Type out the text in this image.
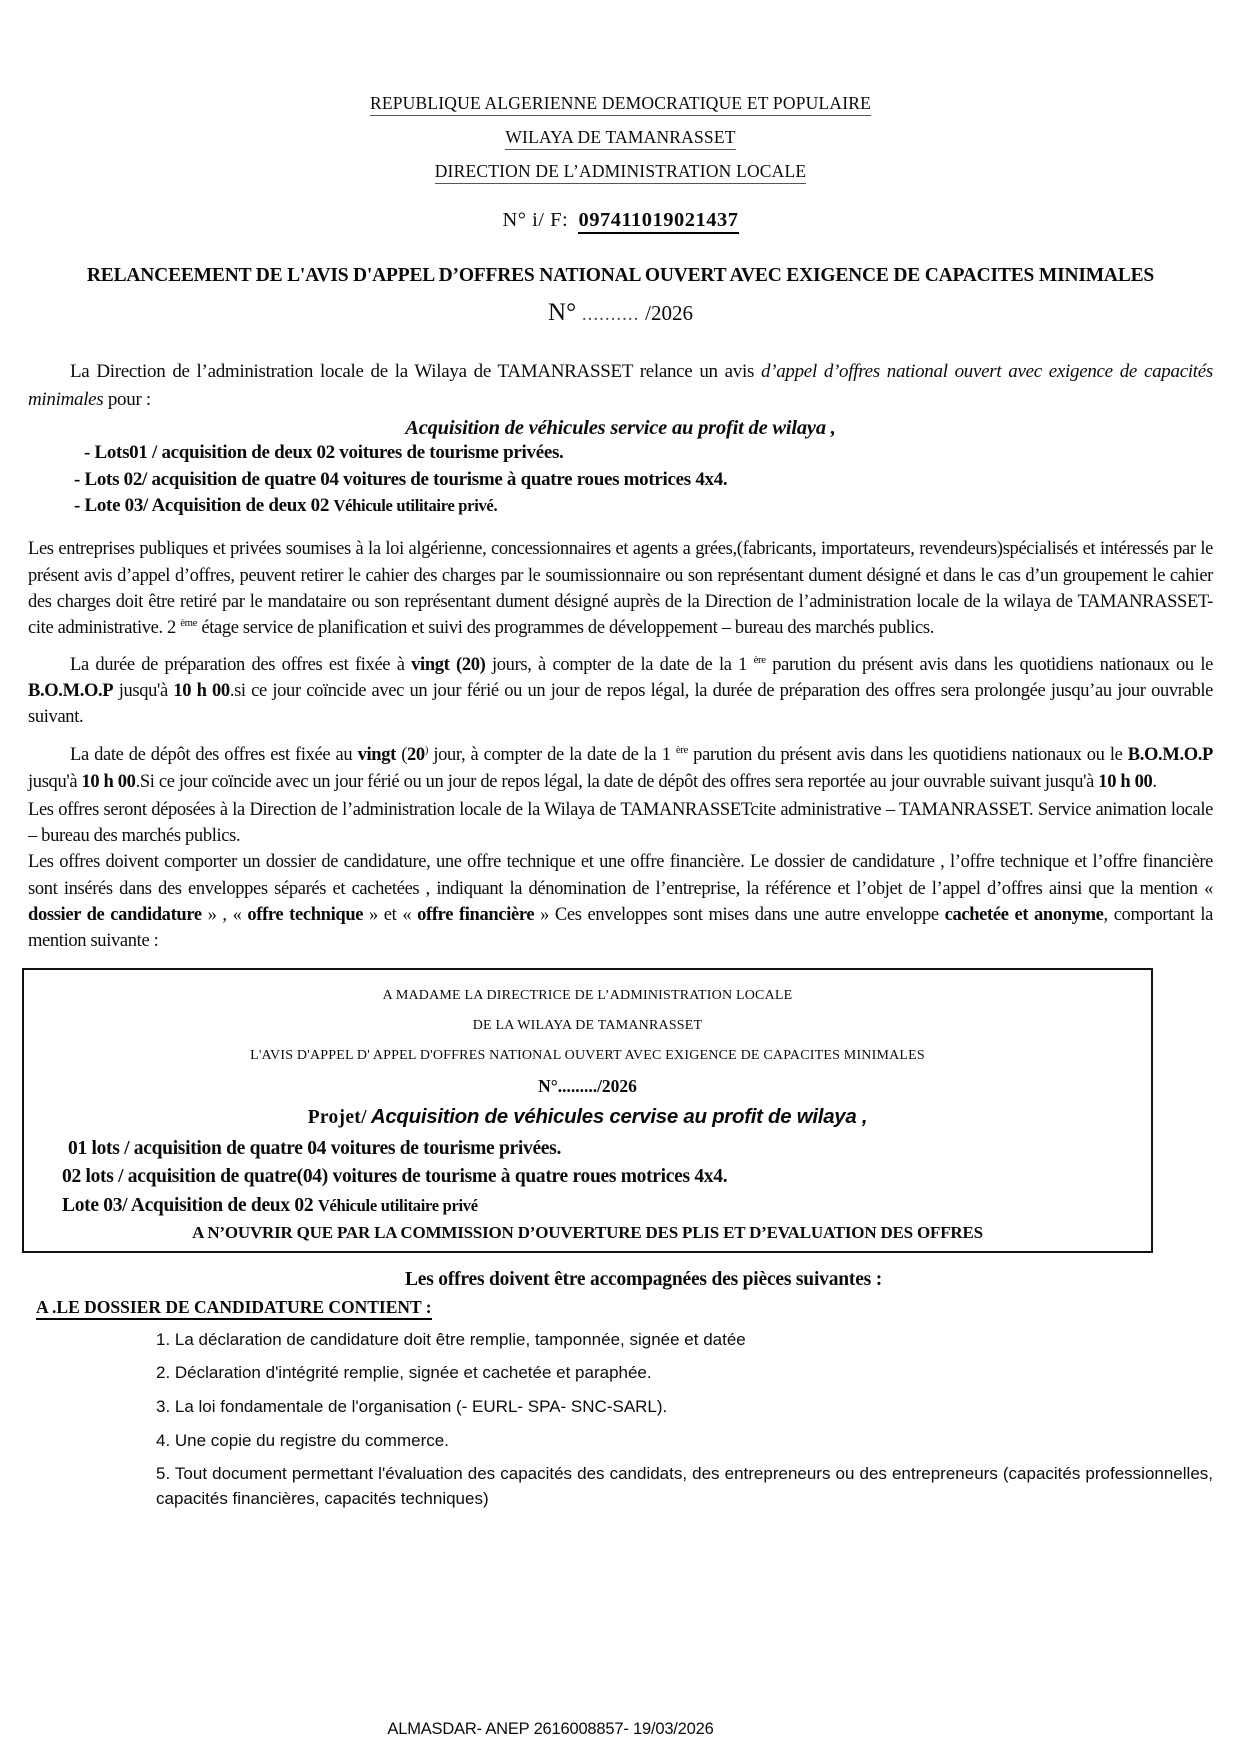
REPUBLIQUE ALGERIENNE DEMOCRATIQUE ET POPULAIRE
WILAYA DE TAMANRASSET
DIRECTION DE L’ADMINISTRATION LOCALE
N° i/ F: 097411019021437
RELANCEEMENT DE L'AVIS D'APPEL D’OFFRES NATIONAL OUVERT AVEC EXIGENCE DE CAPACITES MINIMALES
N° .......... /2026

La Direction de l’administration locale de la Wilaya de TAMANRASSET relance un avis d’appel d’offres national ouvert avec exigence de capacités minimales pour :

Acquisition de véhicules service au profit de wilaya ,
- Lots01 / acquisition de deux 02 voitures de tourisme privées.
- Lots 02/ acquisition de quatre 04 voitures de tourisme à quatre roues motrices 4x4.
- Lote 03/ Acquisition de deux 02 Véhicule utilitaire privé.

Les entreprises publiques et privées soumises à la loi algérienne, concessionnaires et agents a grées,(fabricants, importateurs, revendeurs)spécialisés et intéressés par le présent avis d’appel d’offres, peuvent retirer le cahier des charges par le soumissionnaire ou son représentant dument désigné et dans le cas d’un groupement le cahier des charges doit être retiré par le mandataire ou son représentant dument désigné auprès de la Direction de l’administration locale de la wilaya de TAMANRASSET- cite administrative. 2 $^{ème}$ étage service de planification et suivi des programmes de développement – bureau des marchés publics.

La durée de préparation des offres est fixée à vingt (20) jours, à compter de la date de la 1 $^{ère}$ parution du présent avis dans les quotidiens nationaux ou le B.O.M.O.P jusqu'à 10 h 00.si ce jour coïncide avec un jour férié ou un jour de repos légal, la durée de préparation des offres sera prolongée jusqu’au jour ouvrable suivant.

La date de dépôt des offres est fixée au vingt (20) jour, à compter de la date de la 1 $^{ère}$ parution du présent avis dans les quotidiens nationaux ou le B.O.M.O.P jusqu'à 10 h 00.Si ce jour coïncide avec un jour férié ou un jour de repos légal, la date de dépôt des offres sera reportée au jour ouvrable suivant jusqu'à 10 h 00.

Les offres seront déposées à la Direction de l’administration locale de la Wilaya de TAMANRASSETcite administrative – TAMANRASSET. Service animation locale – bureau des marchés publics.

Les offres doivent comporter un dossier de candidature, une offre technique et une offre financière. Le dossier de candidature , l’offre technique et l’offre financière sont insérés dans des enveloppes séparés et cachetées , indiquant la dénomination de l’entreprise, la référence et l’objet de l’appel d’offres ainsi que la mention « dossier de candidature » , « offre technique » et « offre financière » Ces enveloppes sont mises dans une autre enveloppe cachetée et anonyme, comportant la mention suivante :

A MADAME LA DIRECTRICE DE L’ADMINISTRATION LOCALE
DE LA WILAYA DE TAMANRASSET
L'AVIS D'APPEL D' APPEL D'OFFRES NATIONAL OUVERT AVEC EXIGENCE DE CAPACITES MINIMALES
N°........./2026
Projet/ Acquisition de véhicules cervise au profit de wilaya ,
01 lots / acquisition de quatre 04 voitures de tourisme privées.
02 lots / acquisition de quatre(04) voitures de tourisme à quatre roues motrices 4x4.
Lote 03/ Acquisition de deux 02 Véhicule utilitaire privé
A N’OUVRIR QUE PAR LA COMMISSION D’OUVERTURE DES PLIS ET D’EVALUATION DES OFFRES
Les offres doivent être accompagnées des pièces suivantes :
A .LE DOSSIER DE CANDIDATURE CONTIENT :
1. La déclaration de candidature doit être remplie, tamponnée, signée et datée
2. Déclaration d'intégrité remplie, signée et cachetée et paraphée.
3. La loi fondamentale de l'organisation (- EURL- SPA- SNC-SARL).
4. Une copie du registre du commerce.
5. Tout document permettant l'évaluation des capacités des candidats, des entrepreneurs ou des entrepreneurs (capacités professionnelles, capacités financières, capacités techniques)
ALMASDAR- ANEP 2616008857- 19/03/2026
